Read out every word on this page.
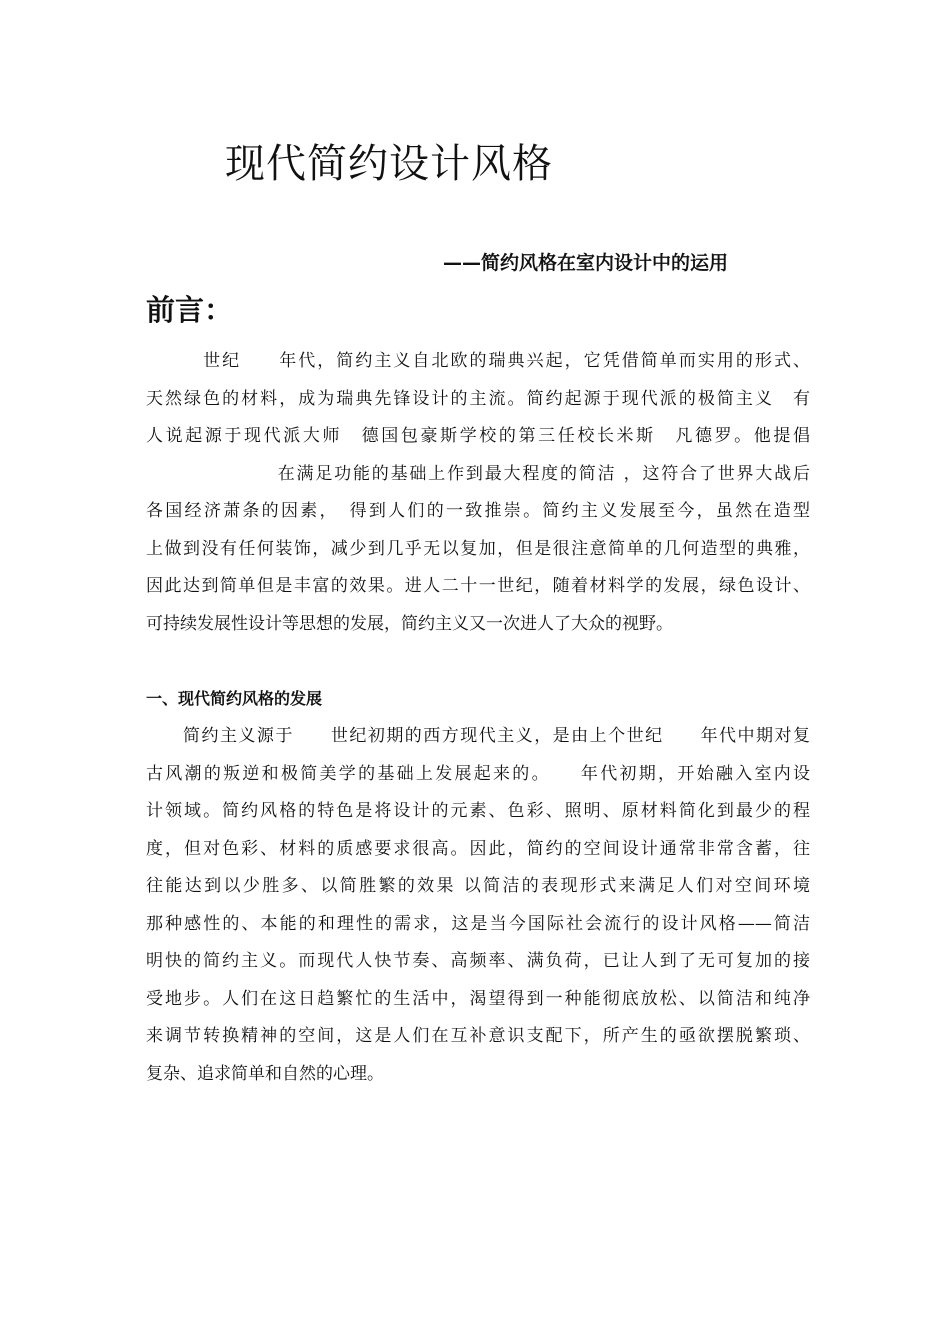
现代简约设计风格
——简约风格在室内设计中的运用
前言：
　　　世纪　　年代，简约主义自北欧的瑞典兴起，它凭借简单而实用的形式、
天然绿色的材料，成为瑞典先锋设计的主流。简约起源于现代派的极简主义　有
人说起源于现代派大师　德国包豪斯学校的第三任校长米斯　凡德罗。他提倡
　　　　　　　在满足功能的基础上作到最大程度的简洁 ，这符合了世界大战后
各国经济萧条的因素，　得到人们的一致推崇。简约主义发展至今，虽然在造型
上做到没有任何装饰，减少到几乎无以复加，但是很注意简单的几何造型的典雅，
因此达到简单但是丰富的效果。进人二十一世纪，随着材料学的发展，绿色设计、
可持续发展性设计等思想的发展，简约主义又一次进人了大众的视野。
一、现代简约风格的发展
　　简约主义源于　　世纪初期的西方现代主义，是由上个世纪　　年代中期对复
古风潮的叛逆和极简美学的基础上发展起来的。　　年代初期，开始融入室内设
计领域。简约风格的特色是将设计的元素、色彩、照明、原材料简化到最少的程
度，但对色彩、材料的质感要求很高。因此，简约的空间设计通常非常含蓄，往
往能达到以少胜多、以简胜繁的效果 以简洁的表现形式来满足人们对空间环境
那种感性的、本能的和理性的需求，这是当今国际社会流行的设计风格——简洁
明快的简约主义。而现代人快节奏、高频率、满负荷，已让人到了无可复加的接
受地步。人们在这日趋繁忙的生活中，渴望得到一种能彻底放松、以简洁和纯净
来调节转换精神的空间，这是人们在互补意识支配下，所产生的亟欲摆脱繁琐、
复杂、追求简单和自然的心理。
